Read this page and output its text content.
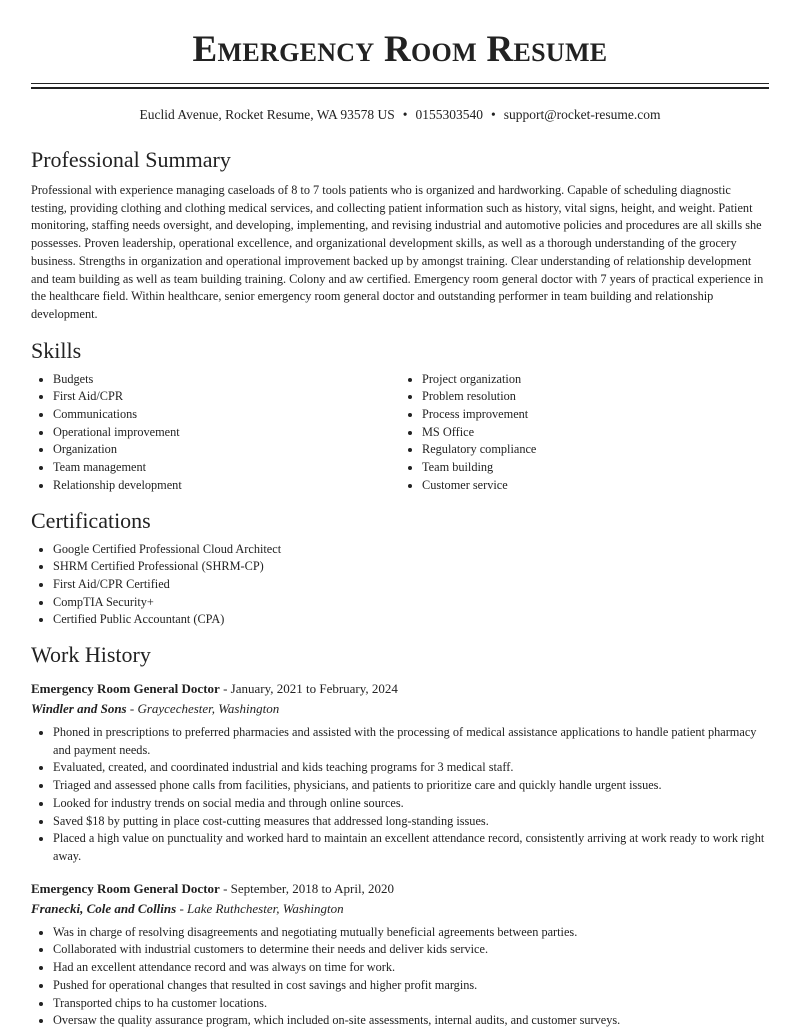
Emergency Room Resume
Euclid Avenue, Rocket Resume, WA 93578 US • 0155303540 • support@rocket-resume.com
Professional Summary

Professional with experience managing caseloads of 8 to 7 tools patients who is organized and hardworking. Capable of scheduling diagnostic testing, providing clothing and clothing medical services, and collecting patient information such as history, vital signs, height, and weight. Patient monitoring, staffing needs oversight, and developing, implementing, and revising industrial and automotive policies and procedures are all skills she possesses. Proven leadership, operational excellence, and organizational development skills, as well as a thorough understanding of the grocery business. Strengths in organization and operational improvement backed up by amongst training. Clear understanding of relationship development and team building as well as team building training. Colony and aw certified. Emergency room general doctor with 7 years of practical experience in the healthcare field. Within healthcare, senior emergency room general doctor and outstanding performer in team building and relationship development.

Skills
• Budgets
• First Aid/CPR
• Communications
• Operational improvement
• Organization
• Team management
• Relationship development
• Project organization
• Problem resolution
• Process improvement
• MS Office
• Regulatory compliance
• Team building
• Customer service
Certifications
• Google Certified Professional Cloud Architect
• SHRM Certified Professional (SHRM-CP)
• First Aid/CPR Certified
• CompTIA Security+
• Certified Public Accountant (CPA)
Work History
Emergency Room General Doctor - January, 2021 to February, 2024
Windler and Sons - Graycechester, Washington
• Phoned in prescriptions to preferred pharmacies and assisted with the processing of medical assistance applications to handle patient pharmacy and payment needs.
• Evaluated, created, and coordinated industrial and kids teaching programs for 3 medical staff.
• Triaged and assessed phone calls from facilities, physicians, and patients to prioritize care and quickly handle urgent issues.
• Looked for industry trends on social media and through online sources.
• Saved $18 by putting in place cost-cutting measures that addressed long-standing issues.
• Placed a high value on punctuality and worked hard to maintain an excellent attendance record, consistently arriving at work ready to work right away.
Emergency Room General Doctor - September, 2018 to April, 2020
Franecki, Cole and Collins - Lake Ruthchester, Washington
• Was in charge of resolving disagreements and negotiating mutually beneficial agreements between parties.
• Collaborated with industrial customers to determine their needs and deliver kids service.
• Had an excellent attendance record and was always on time for work.
• Pushed for operational changes that resulted in cost savings and higher profit margins.
• Transported chips to ha customer locations.
• Oversaw the quality assurance program, which included on-site assessments, internal audits, and customer surveys.
